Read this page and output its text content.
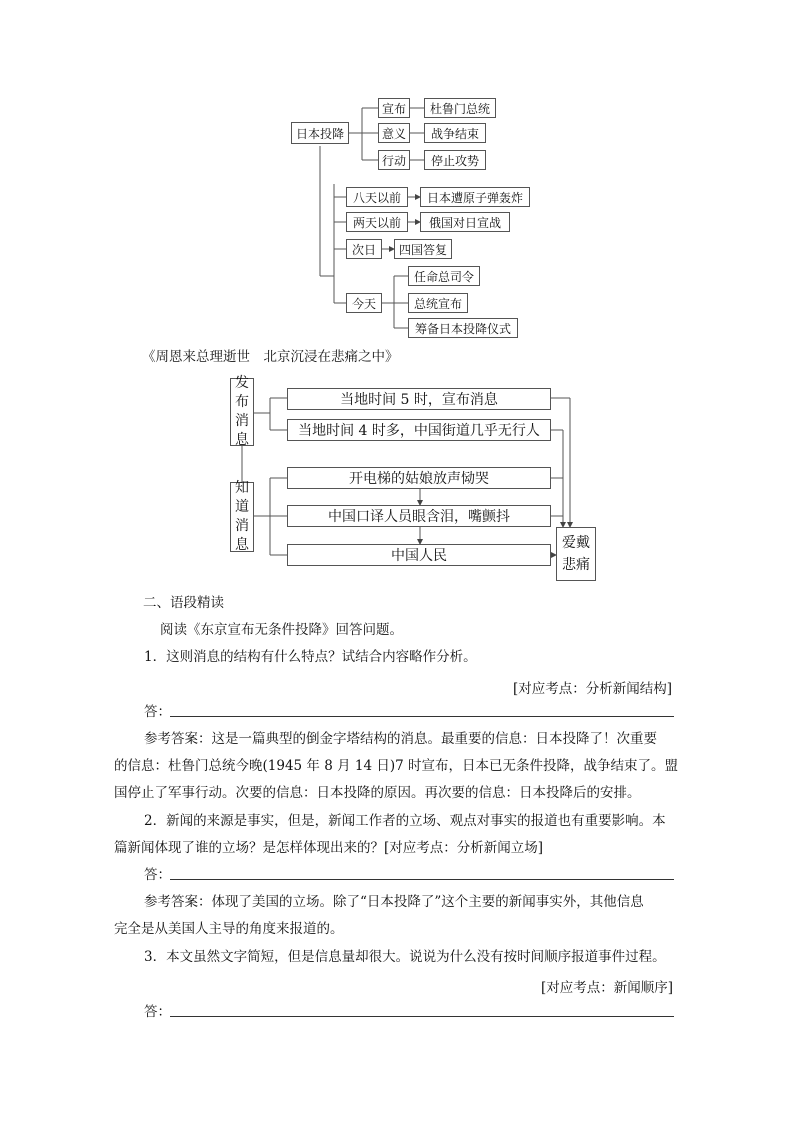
日本投降
宣布	杜鲁门总统
意义	战争结束
行动	停止攻势
八天以前	日本遭原子弹轰炸
两天以前	俄国对日宣战
次日	四国答复
今天
任命总司令
总统宣布
筹备日本投降仪式
《周恩来总理逝世　北京沉浸在悲痛之中》
发
布
消
息
知
道
消
息
当地时间 5 时，宣布消息
当地时间 4 时多，中国街道几乎无行人
开电梯的姑娘放声恸哭
中国口译人员眼含泪，嘴颤抖
中国人民
爱戴
悲痛
二、语段精读
阅读《东京宣布无条件投降》回答问题。
1．这则消息的结构有什么特点？试结合内容略作分析。
[对应考点：分析新闻结构]
答：
参考答案：这是一篇典型的倒金字塔结构的消息。最重要的信息：日本投降了！次重要
的信息：杜鲁门总统今晚(1945 年 8 月 14 日)7 时宣布，日本已无条件投降，战争结束了。盟
国停止了军事行动。次要的信息：日本投降的原因。再次要的信息：日本投降后的安排。
2．新闻的来源是事实，但是，新闻工作者的立场、观点对事实的报道也有重要影响。本
篇新闻体现了谁的立场？是怎样体现出来的？[对应考点：分析新闻立场]
答：
参考答案：体现了美国的立场。除了“日本投降了”这个主要的新闻事实外，其他信息
完全是从美国人主导的角度来报道的。
3．本文虽然文字简短，但是信息量却很大。说说为什么没有按时间顺序报道事件过程。
[对应考点：新闻顺序]
答：
